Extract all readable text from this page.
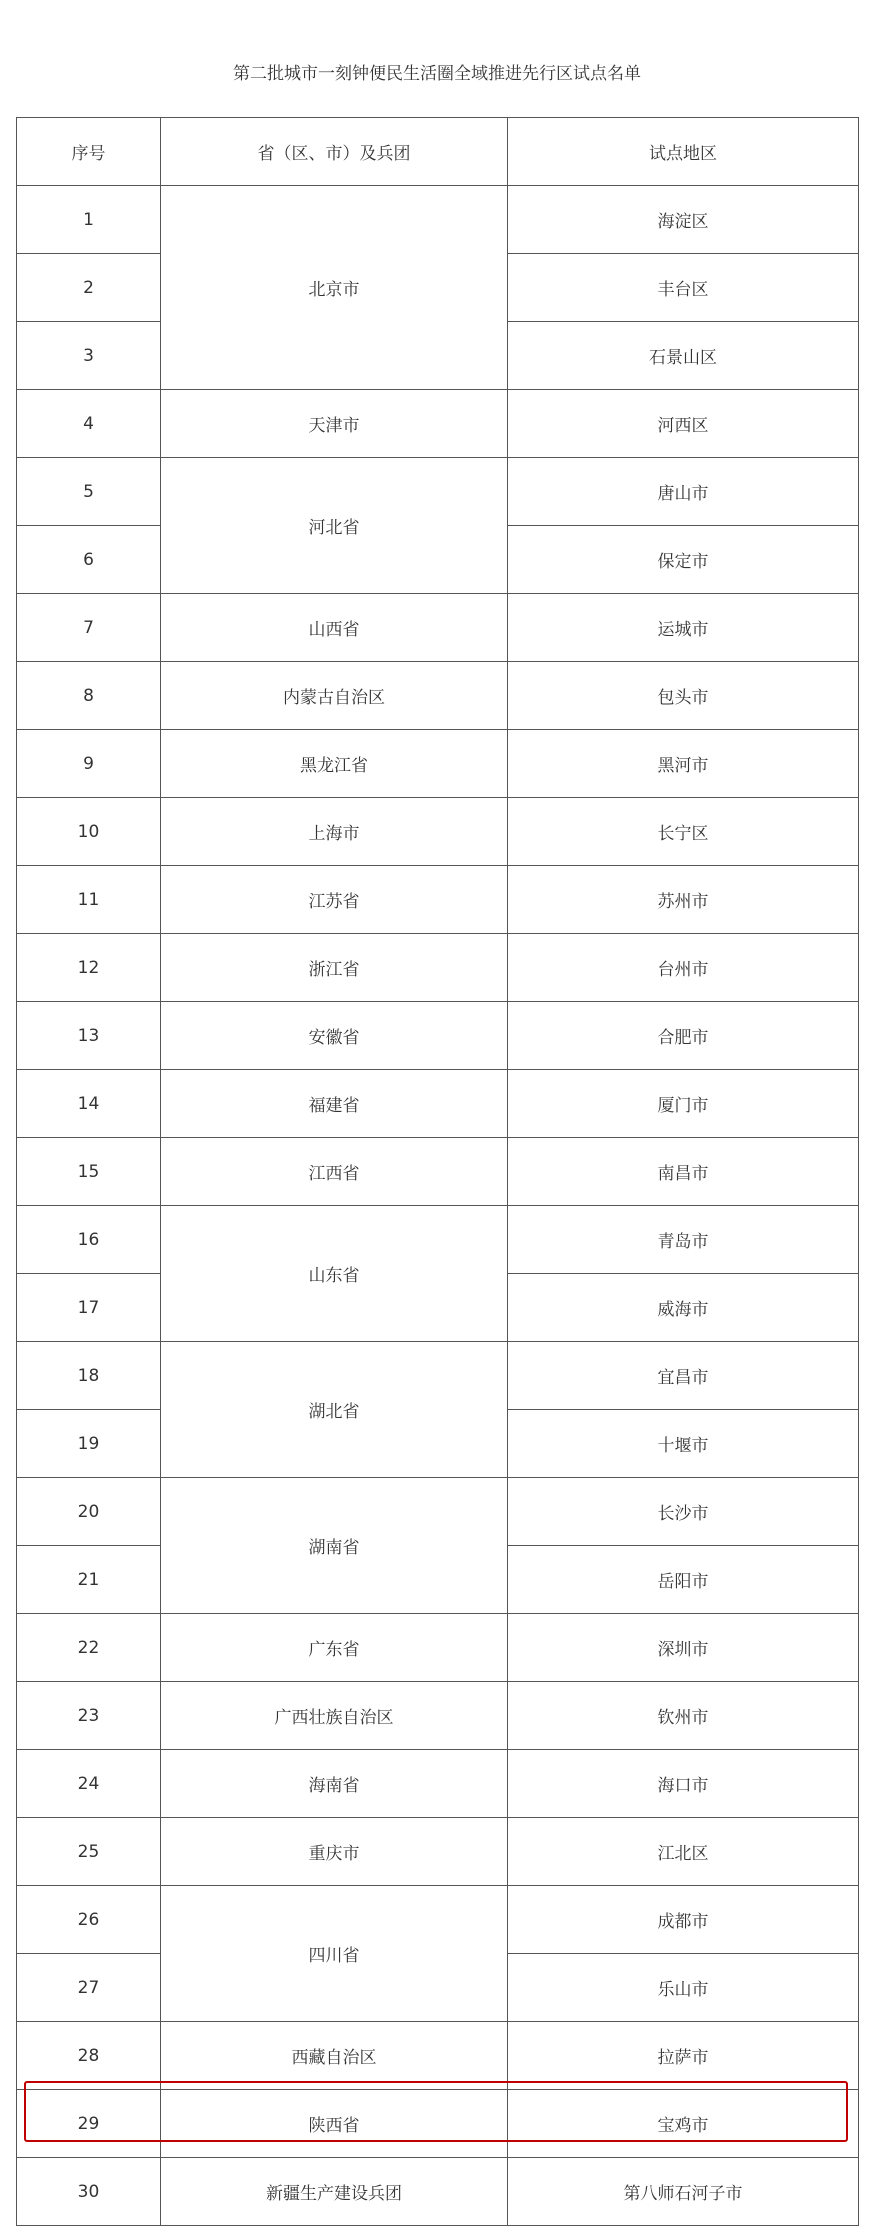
第二批城市一刻钟便民生活圈全域推进先行区试点名单
序号	省（区、市）及兵团	试点地区
1	北京市	海淀区
2		丰台区
3		石景山区
4	天津市	河西区
5	河北省	唐山市
6		保定市
7	山西省	运城市
8	内蒙古自治区	包头市
9	黑龙江省	黑河市
10	上海市	长宁区
11	江苏省	苏州市
12	浙江省	台州市
13	安徽省	合肥市
14	福建省	厦门市
15	江西省	南昌市
16	山东省	青岛市
17		威海市
18	湖北省	宜昌市
19		十堰市
20	湖南省	长沙市
21		岳阳市
22	广东省	深圳市
23	广西壮族自治区	钦州市
24	海南省	海口市
25	重庆市	江北区
26	四川省	成都市
27		乐山市
28	西藏自治区	拉萨市
29	陕西省	宝鸡市
30	新疆生产建设兵团	第八师石河子市
